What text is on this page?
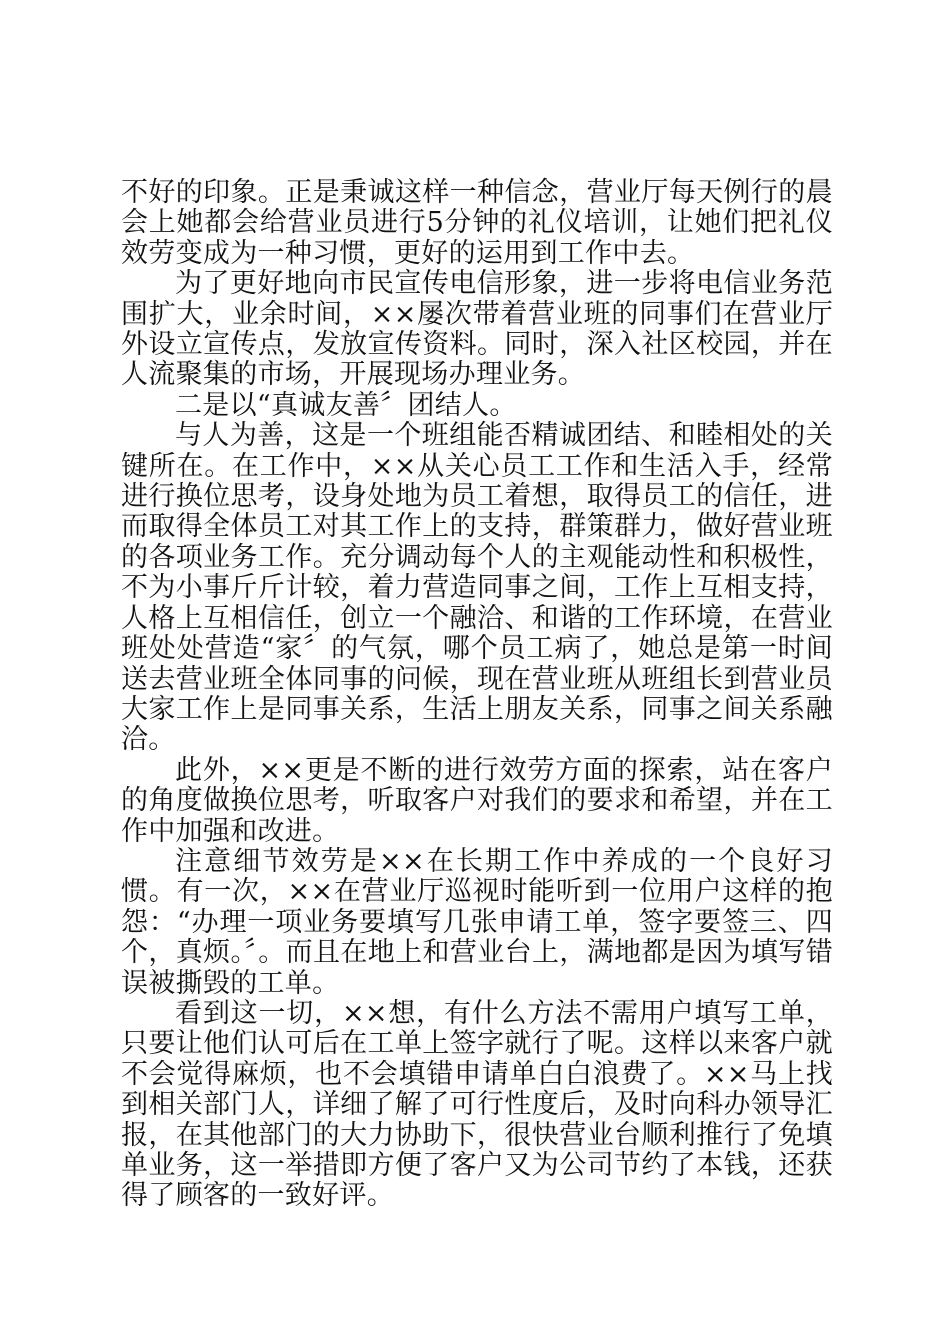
不好的印象。正是秉诚这样一种信念，营业厅每天例行的晨会上她都会给营业员进行5分钟的礼仪培训，让她们把礼仪效劳变成为一种习惯，更好的运用到工作中去。

为了更好地向市民宣传电信形象，进一步将电信业务范围扩大，业余时间，××屡次带着营业班的同事们在营业厅外设立宣传点，发放宣传资料。同时，深入社区校园，并在人流聚集的市场，开展现场办理业务。

二是以“真诚友善〞团结人。

与人为善，这是一个班组能否精诚团结、和睦相处的关键所在。在工作中，××从关心员工工作和生活入手，经常进行换位思考，设身处地为员工着想，取得员工的信任，进而取得全体员工对其工作上的支持，群策群力，做好营业班的各项业务工作。充分调动每个人的主观能动性和积极性，不为小事斤斤计较，着力营造同事之间，工作上互相支持，人格上互相信任，创立一个融洽、和谐的工作环境，在营业班处处营造“家〞的气氛，哪个员工病了，她总是第一时间送去营业班全体同事的问候，现在营业班从班组长到营业员大家工作上是同事关系，生活上朋友关系，同事之间关系融洽。

此外，××更是不断的进行效劳方面的探索，站在客户的角度做换位思考，听取客户对我们的要求和希望，并在工作中加强和改进。

注意细节效劳是××在长期工作中养成的一个良好习惯。有一次，××在营业厅巡视时能听到一位用户这样的抱怨：“办理一项业务要填写几张申请工单，签字要签三、四个，真烦。〞。而且在地上和营业台上，满地都是因为填写错误被撕毁的工单。

看到这一切，××想，有什么方法不需用户填写工单，只要让他们认可后在工单上签字就行了呢。这样以来客户就不会觉得麻烦，也不会填错申请单白白浪费了。××马上找到相关部门人，详细了解了可行性度后，及时向科办领导汇报，在其他部门的大力协助下，很快营业台顺利推行了免填单业务，这一举措即方便了客户又为公司节约了本钱，还获得了顾客的一致好评。
